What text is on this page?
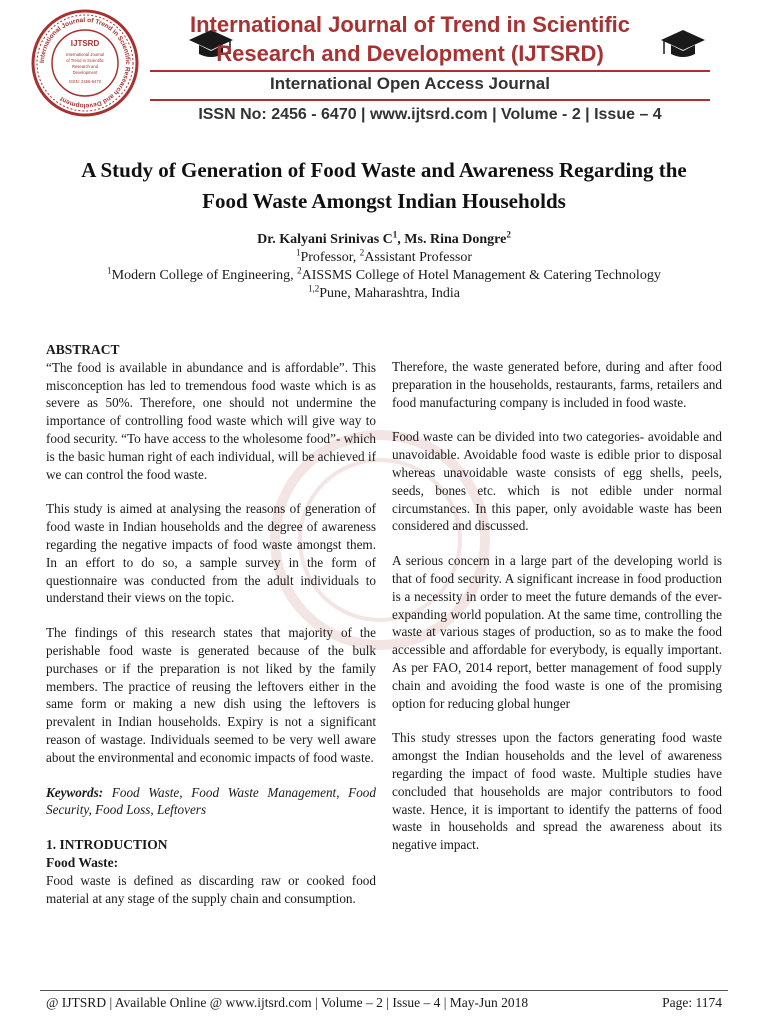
International Journal of Trend in Scientific Research and Development
IJTSRD
International Journal
of Trend in Scientific
Research and
Development
ISSN: 2456-6470
International Journal of Trend in Scientific
Research and Development (IJTSRD)
International Open Access Journal
ISSN No: 2456 - 6470 | www.ijtsrd.com | Volume - 2 | Issue – 4
A Study of Generation of Food Waste and Awareness Regarding the
Food Waste Amongst Indian Households
Dr. Kalyani Srinivas $C^1$, Ms. Rina Dongre$^2$
$^1$Professor, $^2$Assistant Professor
$^1$Modern College of Engineering, $^2$AISSMS College of Hotel Management & Catering Technology
$^{1,2}$Pune, Maharashtra, India
ABSTRACT

“The food is available in abundance and is affordable”. This misconception has led to tremendous food waste which is as severe as 50%. Therefore, one should not undermine the importance of controlling food waste which will give way to food security. “To have access to the wholesome food”- which is the basic human right of each individual, will be achieved if we can control the food waste.

This study is aimed at analysing the reasons of generation of food waste in Indian households and the degree of awareness regarding the negative impacts of food waste amongst them. In an effort to do so, a sample survey in the form of questionnaire was conducted from the adult individuals to understand their views on the topic.

The findings of this research states that majority of the perishable food waste is generated because of the bulk purchases or if the preparation is not liked by the family members. The practice of reusing the leftovers either in the same form or making a new dish using the leftovers is prevalent in Indian households. Expiry is not a significant reason of wastage. Individuals seemed to be very well aware about the environmental and economic impacts of food waste.

Keywords: Food Waste, Food Waste Management, Food Security, Food Loss, Leftovers

1. INTRODUCTION
Food Waste:

Food waste is defined as discarding raw or cooked food material at any stage of the supply chain and consumption.

Therefore, the waste generated before, during and after food preparation in the households, restaurants, farms, retailers and food manufacturing company is included in food waste.

Food waste can be divided into two categories- avoidable and unavoidable. Avoidable food waste is edible prior to disposal whereas unavoidable waste consists of egg shells, peels, seeds, bones etc. which is not edible under normal circumstances. In this paper, only avoidable waste has been considered and discussed.

A serious concern in a large part of the developing world is that of food security. A significant increase in food production is a necessity in order to meet the future demands of the ever-expanding world population. At the same time, controlling the waste at various stages of production, so as to make the food accessible and affordable for everybody, is equally important. As per FAO, 2014 report, better management of food supply chain and avoiding the food waste is one of the promising option for reducing global hunger

This study stresses upon the factors generating food waste amongst the Indian households and the level of awareness regarding the impact of food waste. Multiple studies have concluded that households are major contributors to food waste. Hence, it is important to identify the patterns of food waste in households and spread the awareness about its negative impact.

@ IJTSRD | Available Online @ www.ijtsrd.com | Volume – 2 | Issue – 4 | May-Jun 2018	Page: 1174
